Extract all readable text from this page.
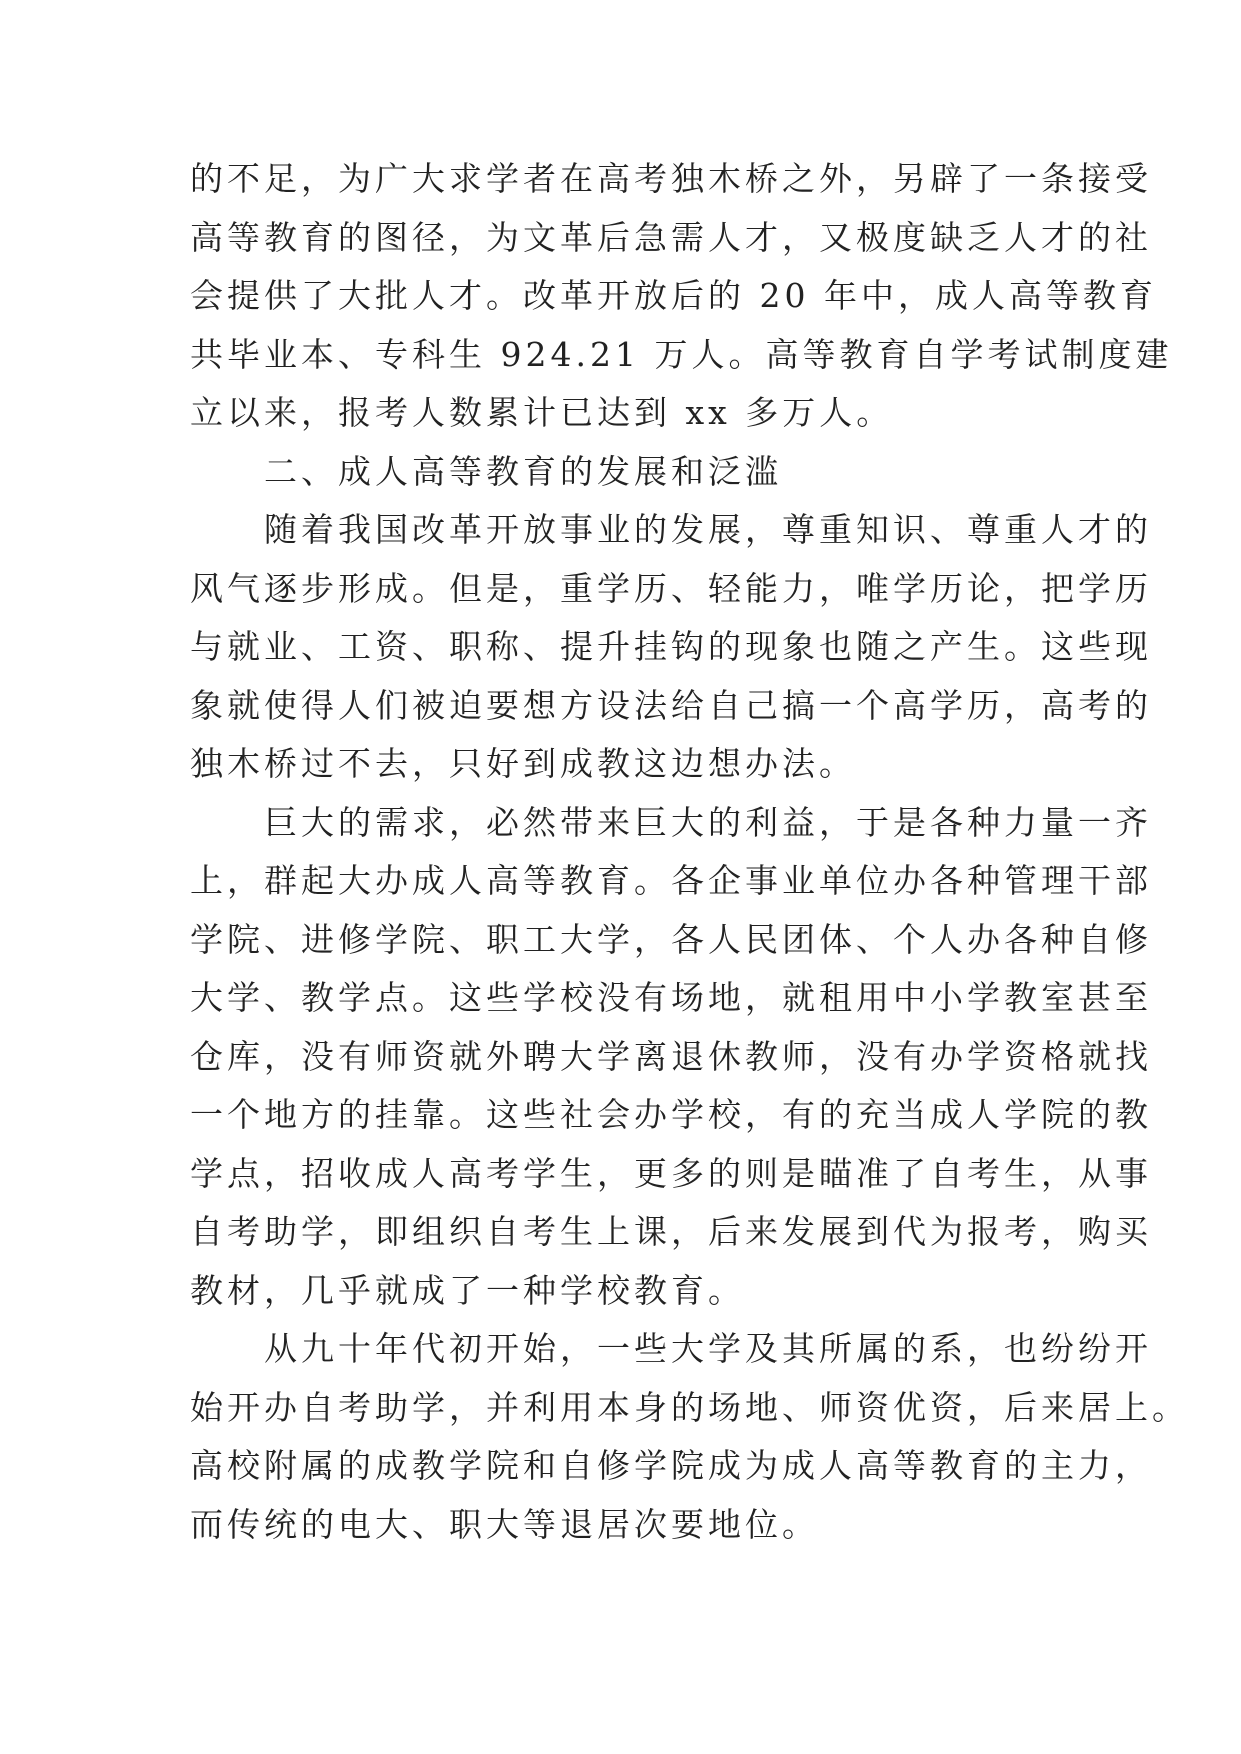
的不足，为广大求学者在高考独木桥之外，另辟了一条接受
高等教育的图径，为文革后急需人才，又极度缺乏人才的社
会提供了大批人才。改革开放后的 20 年中，成人高等教育
共毕业本、专科生 924.21 万人。高等教育自学考试制度建
立以来，报考人数累计已达到 xx 多万人。
二、成人高等教育的发展和泛滥
随着我国改革开放事业的发展，尊重知识、尊重人才的
风气逐步形成。但是，重学历、轻能力，唯学历论，把学历
与就业、工资、职称、提升挂钩的现象也随之产生。这些现
象就使得人们被迫要想方设法给自己搞一个高学历，高考的
独木桥过不去，只好到成教这边想办法。
巨大的需求，必然带来巨大的利益，于是各种力量一齐
上，群起大办成人高等教育。各企事业单位办各种管理干部
学院、进修学院、职工大学，各人民团体、个人办各种自修
大学、教学点。这些学校没有场地，就租用中小学教室甚至
仓库，没有师资就外聘大学离退休教师，没有办学资格就找
一个地方的挂靠。这些社会办学校，有的充当成人学院的教
学点，招收成人高考学生，更多的则是瞄准了自考生，从事
自考助学，即组织自考生上课，后来发展到代为报考，购买
教材，几乎就成了一种学校教育。
从九十年代初开始，一些大学及其所属的系，也纷纷开
始开办自考助学，并利用本身的场地、师资优资，后来居上。
高校附属的成教学院和自修学院成为成人高等教育的主力，
而传统的电大、职大等退居次要地位。
